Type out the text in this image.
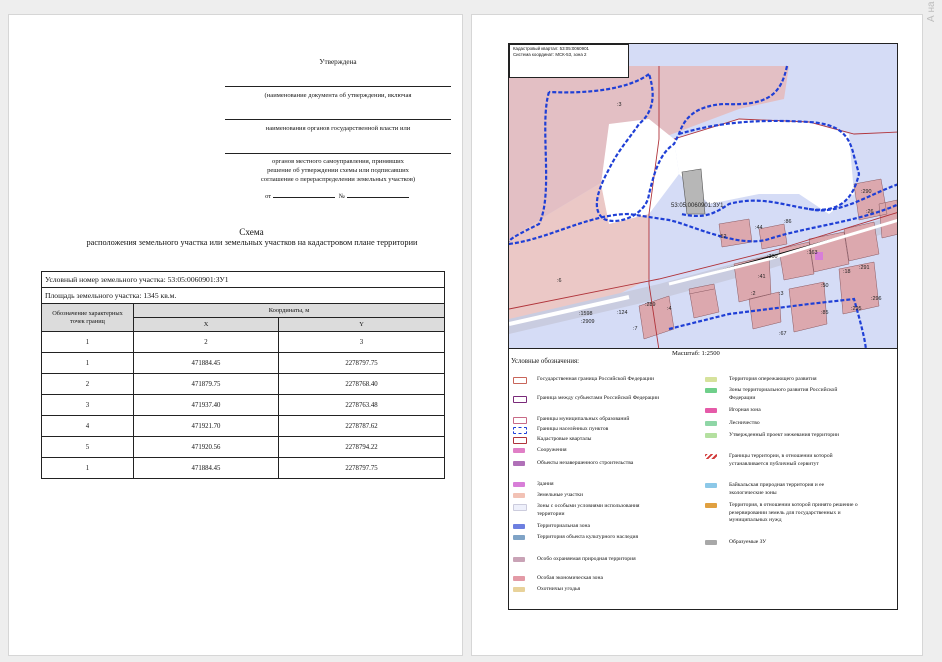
А на
Утверждена
(наименование документа об утверждении, включая
наименования органов государственной власти или
органов местного самоуправления, принявших
решение об утверждении схемы или подписавших
соглашение о перераспределении земельных участков)
от	№
Схема
расположения земельного участка или земельных участков на кадастровом плане территории
Условный номер земельного участка: 53:05:0060901:ЗУ1		
Площадь земельного участка: 1345 кв.м.		
Обозначение характерных точек границ	Координаты, м	
	X	Y
1	2	3
1	471884.45	2278797.75
2	471879.75	2278768.40
3	471937.40	2278763.48
4	471921.70	2278787.62
5	471920.56	2278794.22
1	471884.45	2278797.75
Кадастровый квартал: 53:05:0060901
Система координат: МСК-53, зона 2
:3
:290
:26
:86
:44
:52
:6
:163
:300
:291
:18
:41
:2	:3
:50
:296
:295
:85
:289
:4
:124
:7
:1598
:2909
:67
53:05:0060901:ЗУ1
Масштаб: 1:2500
Условные обозначения:
Государственная граница Российской Федерации
Граница между субъектами Российской Федерации
Границы муниципальных образований
Границы населённых пунктов
Кадастровые кварталы
Сооружения
Объекты незавершенного строительства
Здания
Земельные участки
Зоны с особыми условиями использования территории
Территориальная зона
Территория объекта культурного наследия
Особо охраняемая природная территория
Особая экономическая зона
Охотничьи угодья
Территория опережающего развития
Зоны территориального развития Российской Федерации
Игорная зона
Лесничество
Утвержденный проект межевания территории
Границы территории, в отношении которой устанавливается публичный сервитут
Байкальская природная территория и ее экологические зоны
Территория, в отношении которой принято решение о резервировании земель для государственных и муниципальных нужд
Образуемые ЗУ
